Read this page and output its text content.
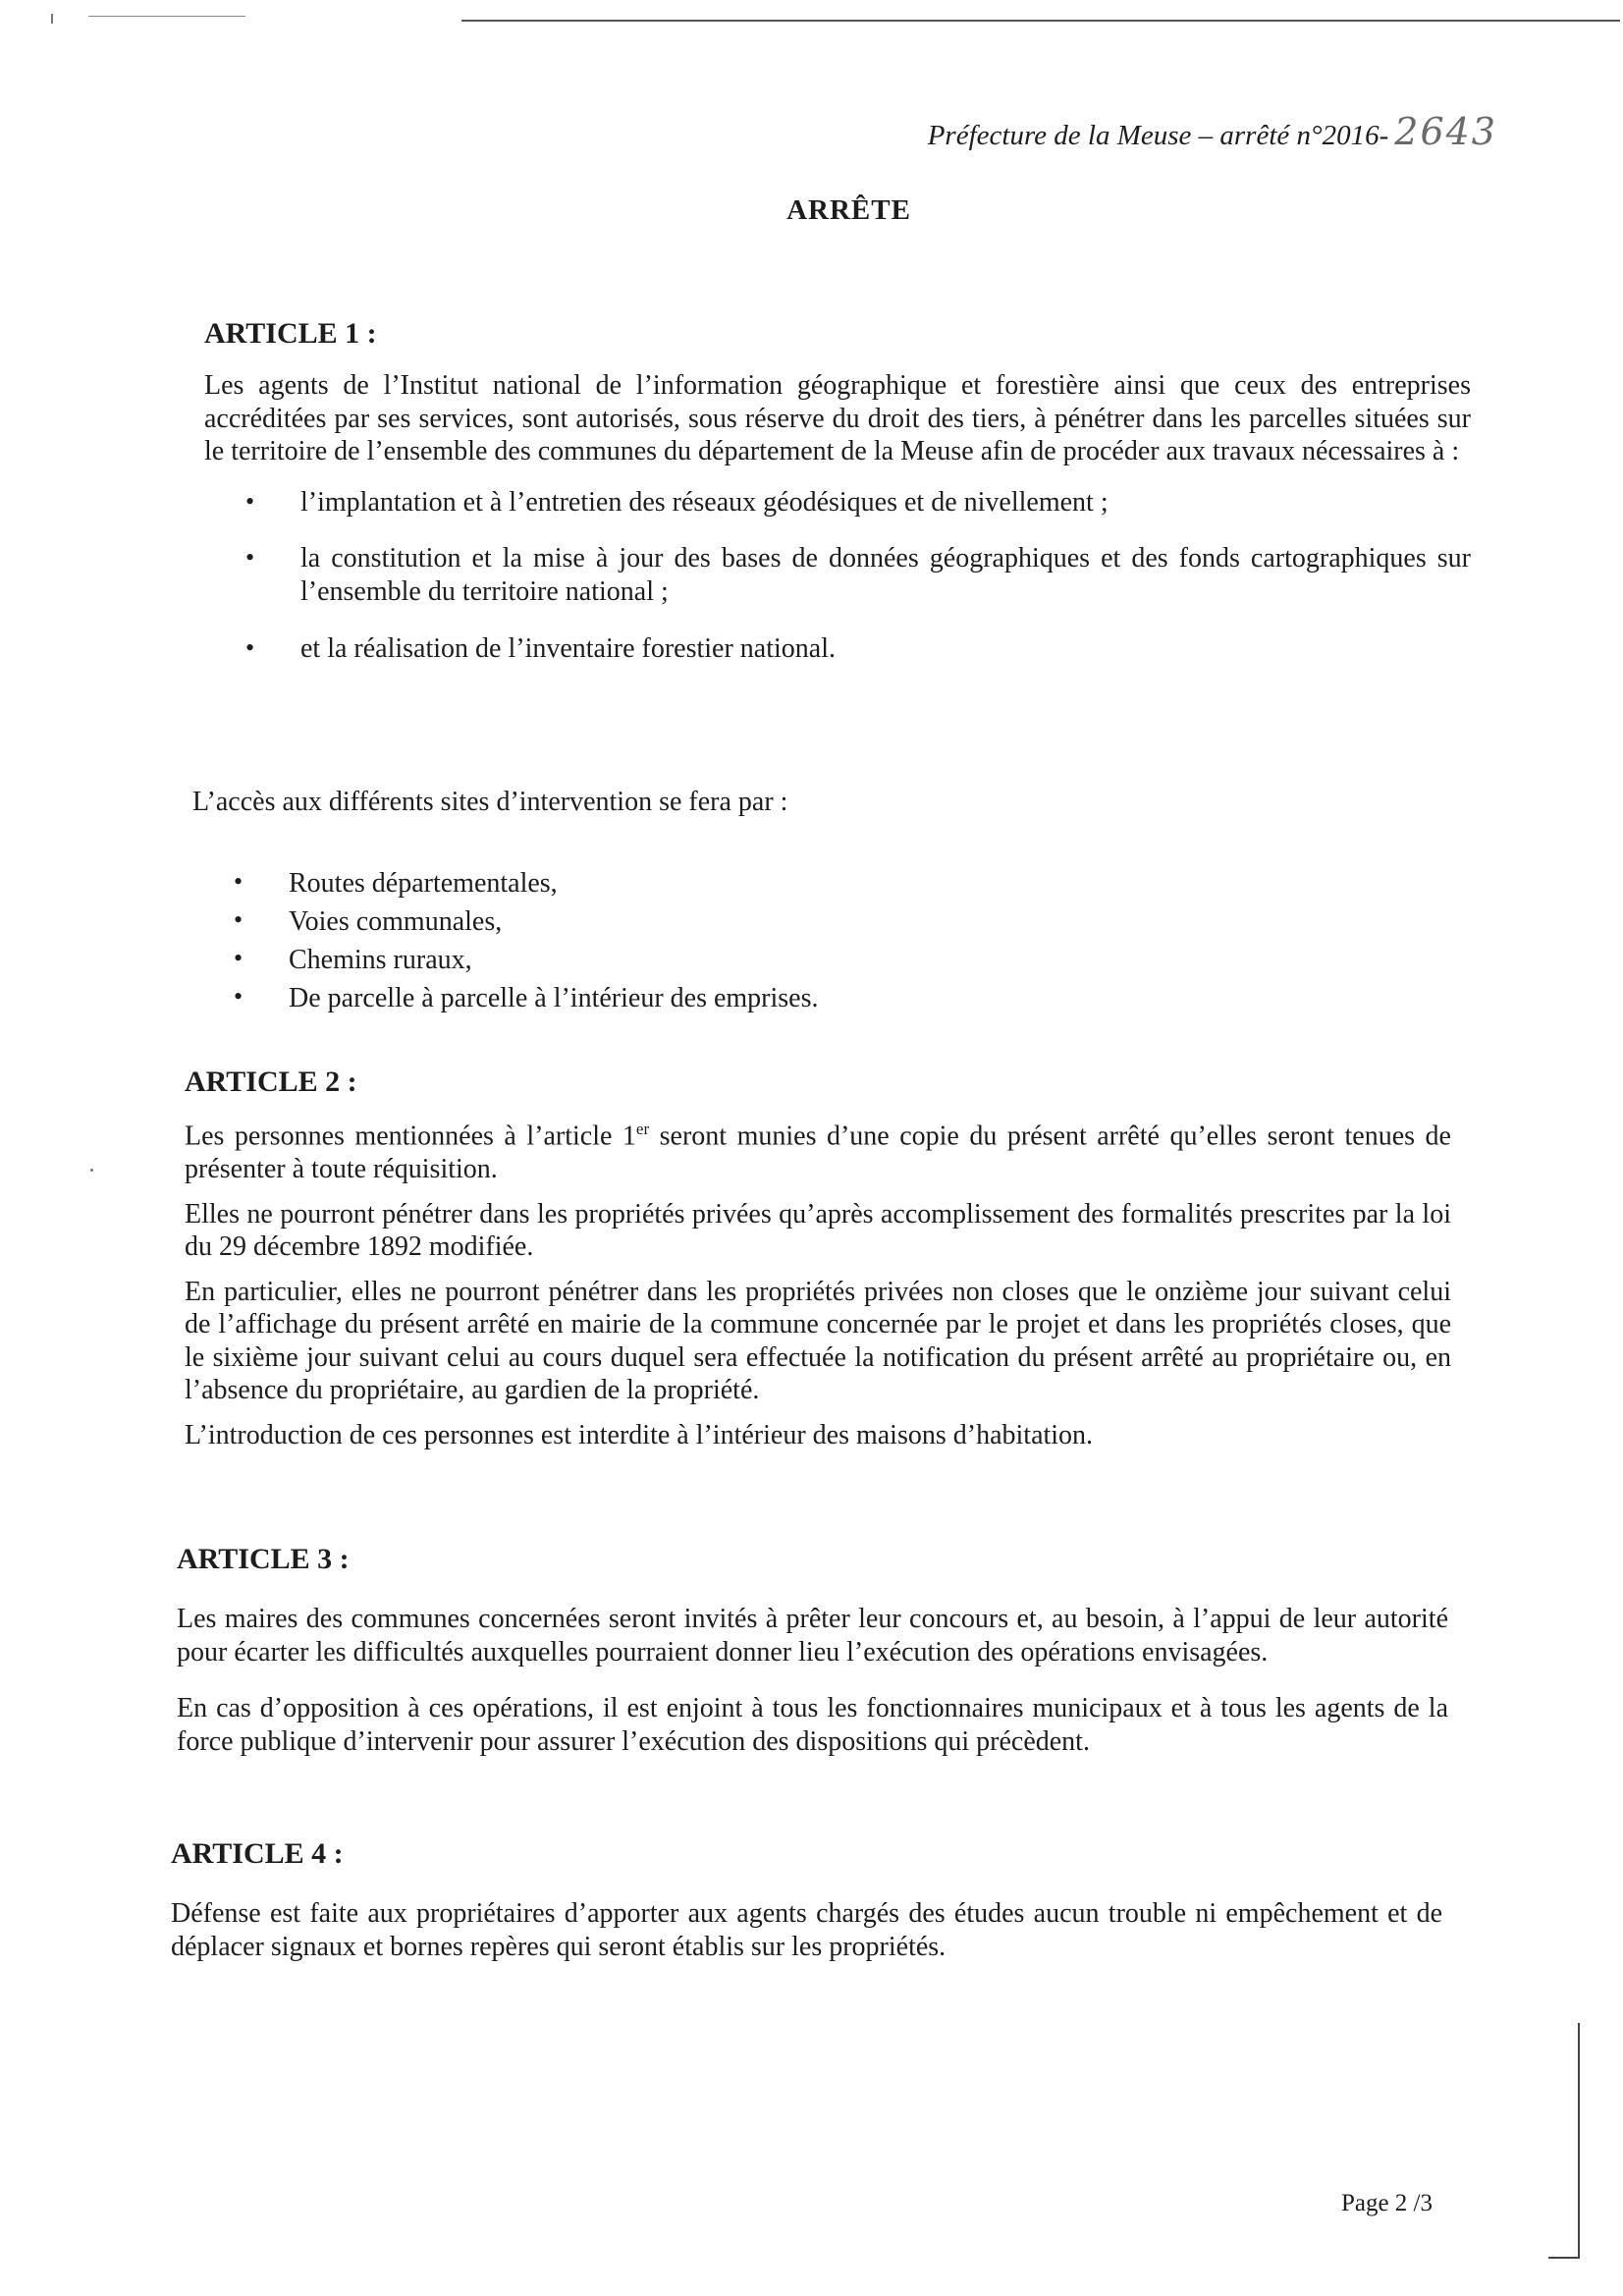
Préfecture de la Meuse – arrêté n°2016- 2643
ARRÊTE
ARTICLE 1 :

Les agents de l’Institut national de l’information géographique et forestière ainsi que ceux des entreprises accréditées par ses services, sont autorisés, sous réserve du droit des tiers, à pénétrer dans les parcelles situées sur le territoire de l’ensemble des communes du département de la Meuse afin de procéder aux travaux nécessaires à :

• l’implantation et à l’entretien des réseaux géodésiques et de nivellement ;
• la constitution et la mise à jour des bases de données géographiques et des fonds cartographiques sur l’ensemble du territoire national ;
• et la réalisation de l’inventaire forestier national.

L’accès aux différents sites d’intervention se fera par :

• Routes départementales,
• Voies communales,
• Chemins ruraux,
• De parcelle à parcelle à l’intérieur des emprises.
ARTICLE 2 :

Les personnes mentionnées à l’article 1er seront munies d’une copie du présent arrêté qu’elles seront tenues de présenter à toute réquisition.

Elles ne pourront pénétrer dans les propriétés privées qu’après accomplissement des formalités prescrites par la loi du 29 décembre 1892 modifiée.

En particulier, elles ne pourront pénétrer dans les propriétés privées non closes que le onzième jour suivant celui de l’affichage du présent arrêté en mairie de la commune concernée par le projet et dans les propriétés closes, que le sixième jour suivant celui au cours duquel sera effectuée la notification du présent arrêté au propriétaire ou, en l’absence du propriétaire, au gardien de la propriété.

L’introduction de ces personnes est interdite à l’intérieur des maisons d’habitation.

ARTICLE 3 :

Les maires des communes concernées seront invités à prêter leur concours et, au besoin, à l’appui de leur autorité pour écarter les difficultés auxquelles pourraient donner lieu l’exécution des opérations envisagées.

En cas d’opposition à ces opérations, il est enjoint à tous les fonctionnaires municipaux et à tous les agents de la force publique d’intervenir pour assurer l’exécution des dispositions qui précèdent.

ARTICLE 4 :

Défense est faite aux propriétaires d’apporter aux agents chargés des études aucun trouble ni empêchement et de déplacer signaux et bornes repères qui seront établis sur les propriétés.

Page 2 /3
